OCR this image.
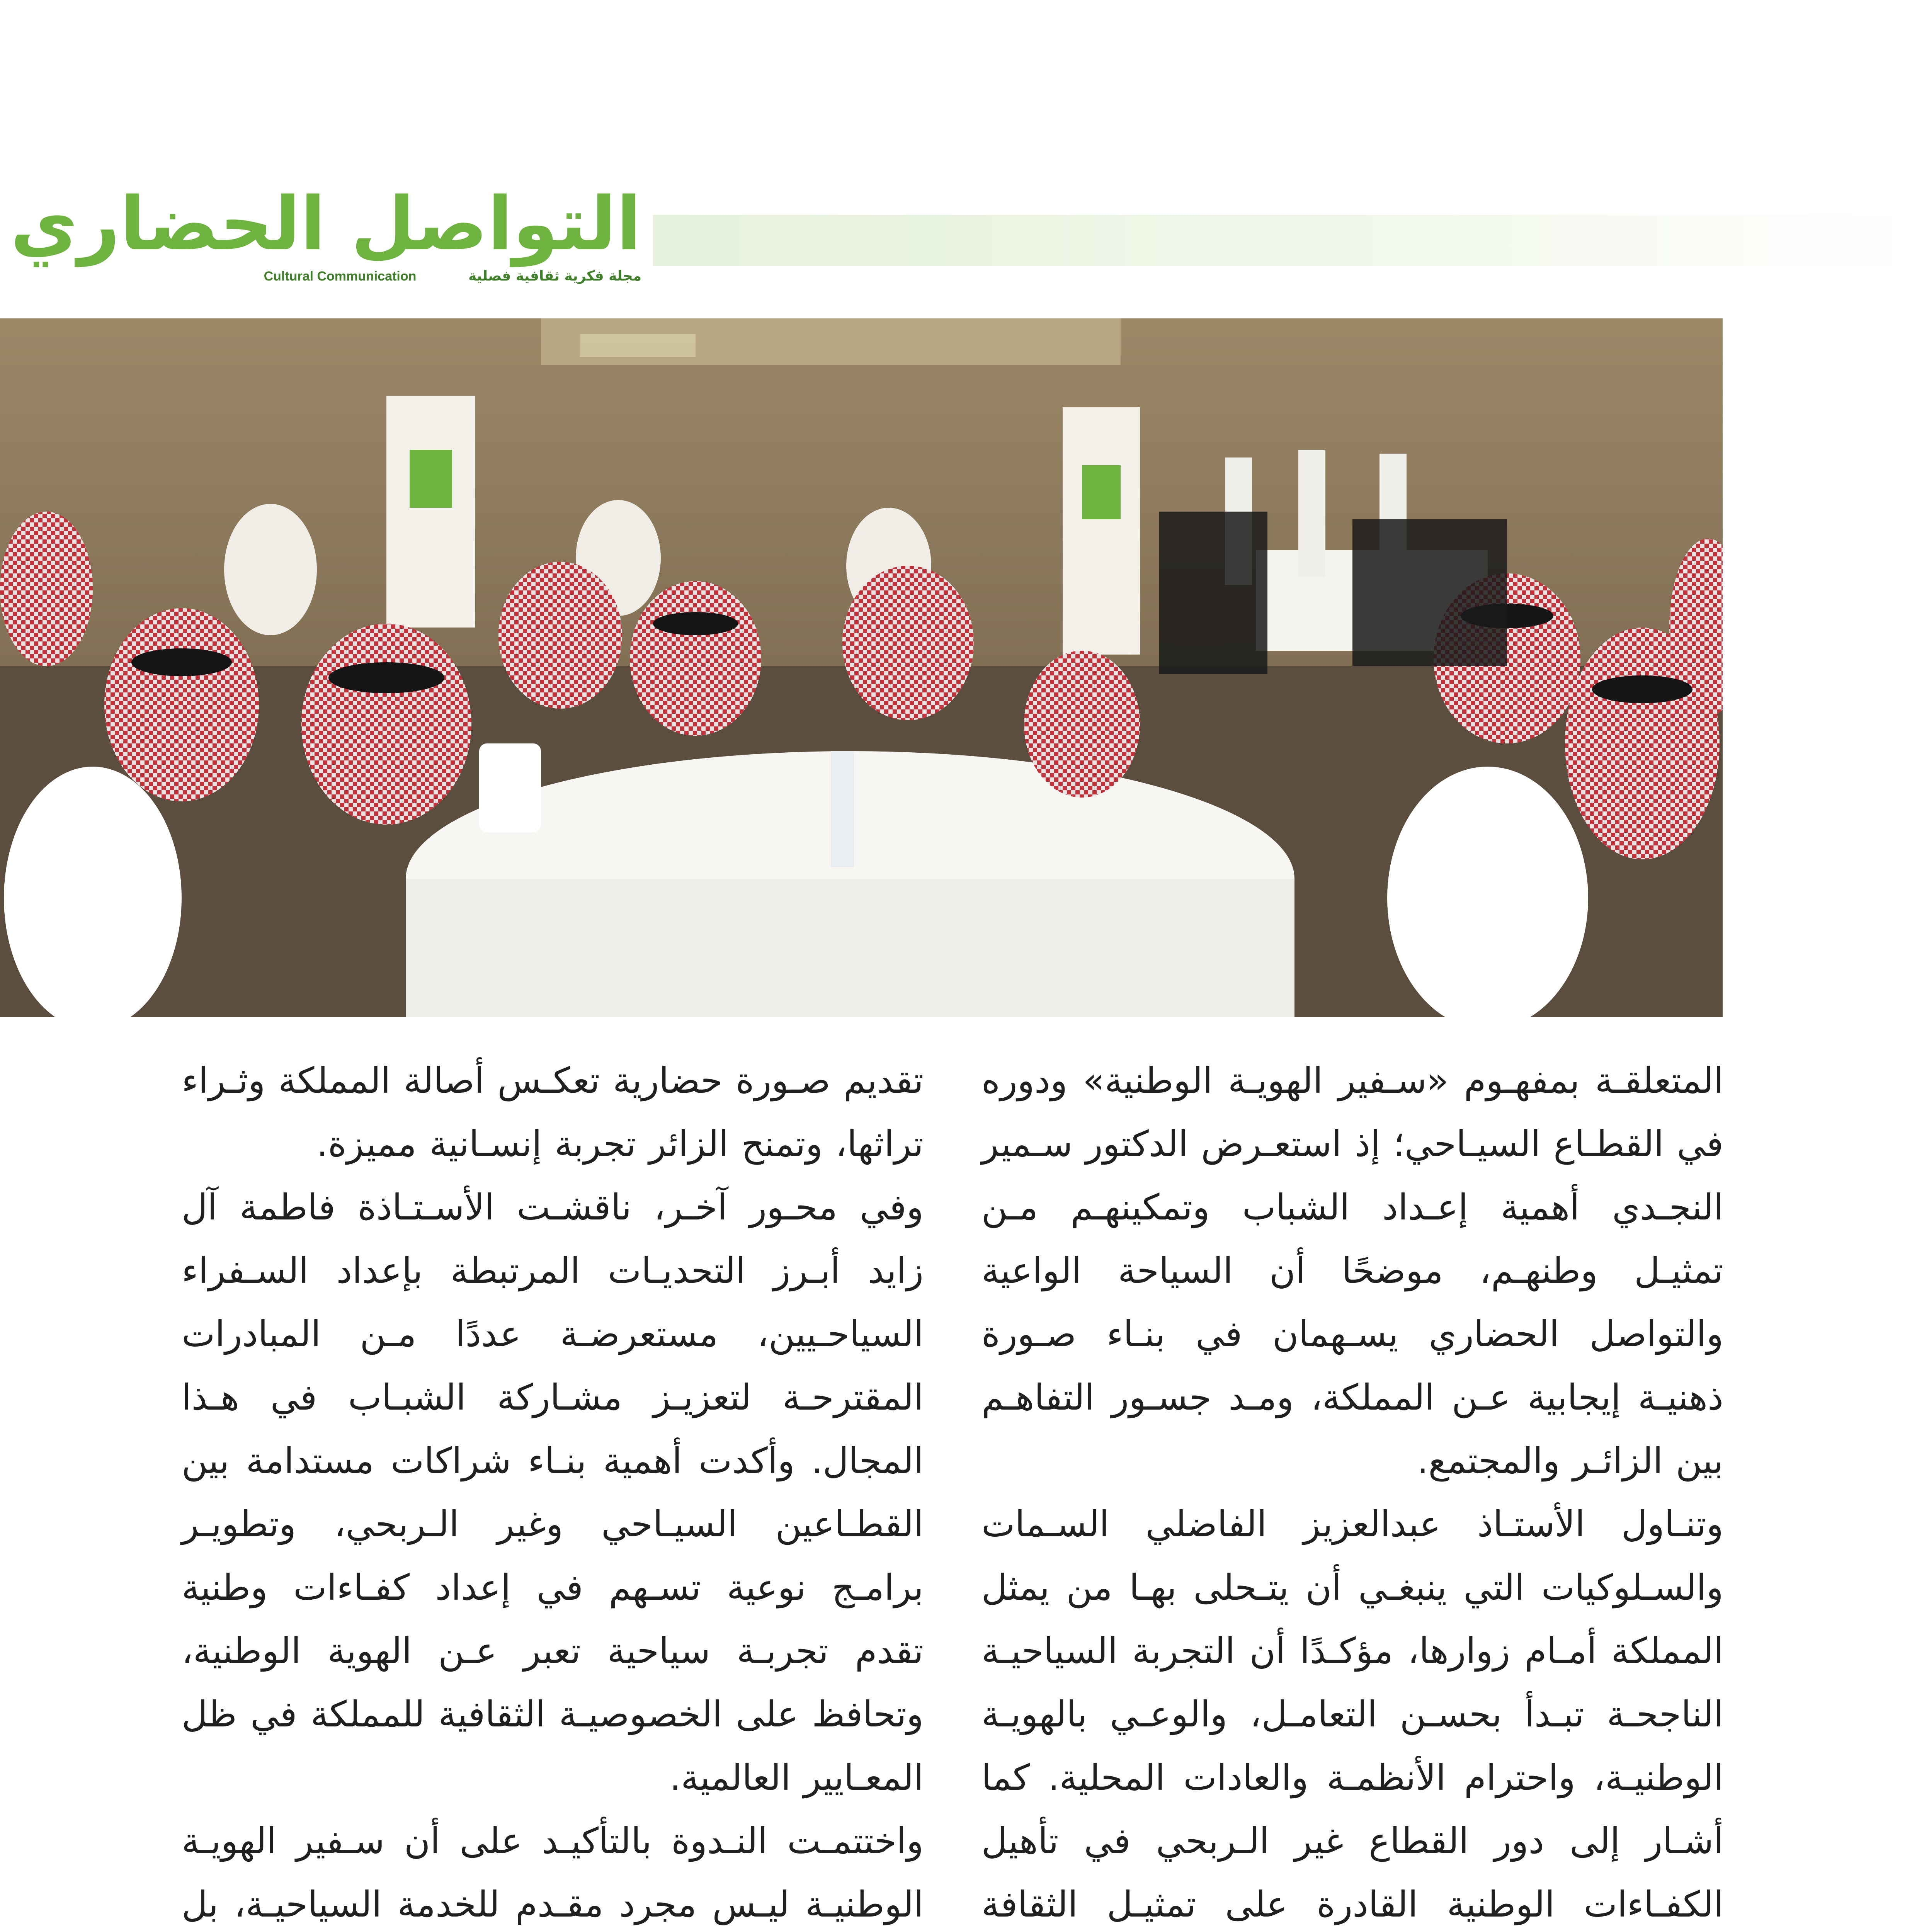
التواصل الحضاري
مجلة فكرية ثقافية فصلية
Cultural Communication

المتعلقـة بمفهـوم «سـفير الهويـة الوطنية» ودوره في القطـاع السيـاحي؛ إذ استعـرض الدكتور سـمير النجـدي أهمية إعـداد الشباب وتمكينهـم مـن تمثيـل وطنهـم، موضحًا أن السياحة الواعية والتواصل الحضاري يسـهمان في بنـاء صـورة ذهنيـة إيجابية عـن المملكة، ومـد جسـور التفاهـم بين الزائـر والمجتمع.

وتنـاول الأستـاذ عبدالعزيز الفاضلي السـمات والسـلوكيات التي ينبغـي أن يتـحلى بهـا من يمثل المملكة أمـام زوارها، مؤكـدًا أن التجربة السياحيـة الناجحـة تبـدأ بحسـن التعامـل، والوعـي بالهويـة الوطنيـة، واحترام الأنظمـة والعادات المحلية. كما أشـار إلى دور القطاع غير الـربحي في تأهيل الكفـاءات الوطنية القادرة على تمثيـل الثقافة

تقديم صـورة حضارية تعكـس أصالة المملكة وثـراء تراثها، وتمنح الزائر تجربة إنسـانية مميزة.

وفي محـور آخـر، ناقشـت الأسـتـاذة فاطمة آل زايد أبـرز التحديـات المرتبطة بإعداد السـفراء السياحـيين، مستعرضـة عددًا مـن المبادرات المقترحـة لتعزيـز مشـاركة الشبـاب في هـذا المجال. وأكدت أهمية بنـاء شراكات مستدامة بين القطـاعين السيـاحي وغير الـربحي، وتطويـر برامـج نوعية تسـهم في إعداد كفـاءات وطنية تقدم تجربـة سياحية تعبر عـن الهوية الوطنية، وتحافظ على الخصوصيـة الثقافية للمملكة في ظل المعـايير العالمية.

واختتمـت النـدوة بالتأكيـد على أن سـفير الهويـة الوطنيـة ليـس مجرد مقـدم للخدمة السياحيـة، بل
